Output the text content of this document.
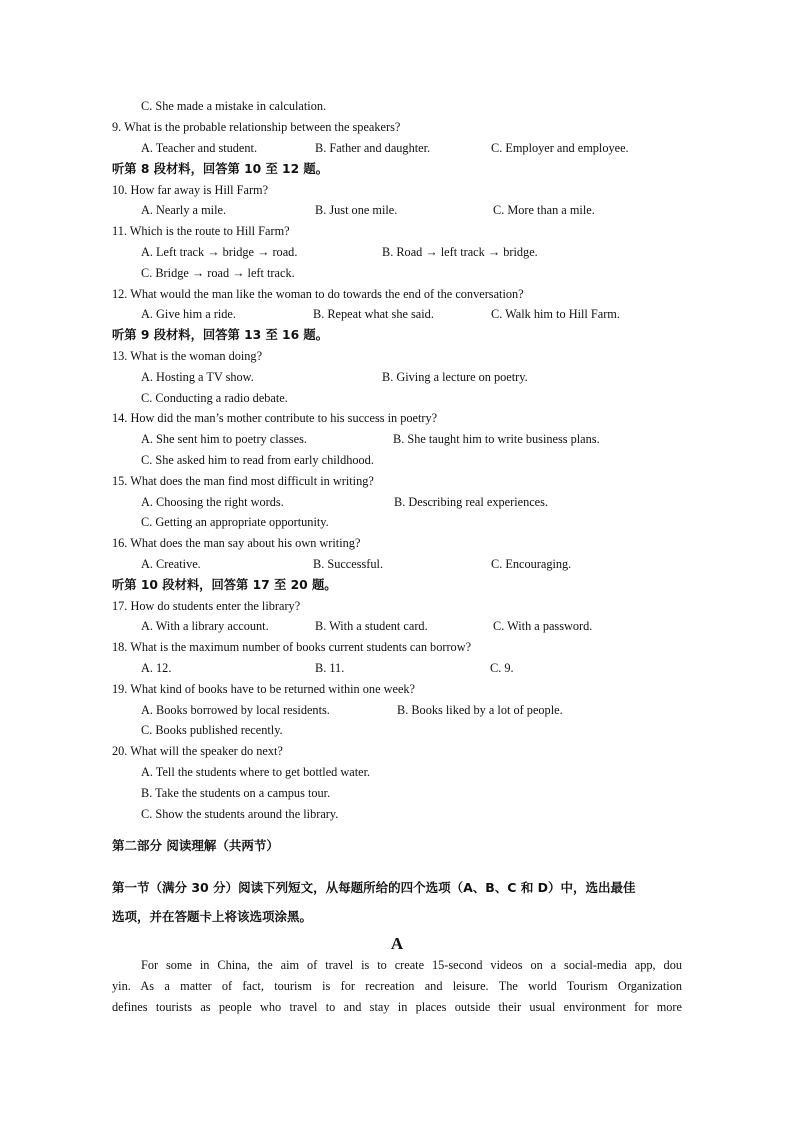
C. She made a mistake in calculation.
9. What is the probable relationship between the speakers?
A. Teacher and student.	B. Father and daughter.	C. Employer and employee.
听第 8 段材料，回答第 10 至 12 题。
10. How far away is Hill Farm?
A. Nearly a mile.	B. Just one mile.	C. More than a mile.
11. Which is the route to Hill Farm?
A. Left track → bridge → road.	B. Road → left track → bridge.
C. Bridge → road → left track.
12. What would the man like the woman to do towards the end of the conversation?
A. Give him a ride.	B. Repeat what she said.	C. Walk him to Hill Farm.
听第 9 段材料，回答第 13 至 16 题。
13. What is the woman doing?
A. Hosting a TV show.	B. Giving a lecture on poetry.
C. Conducting a radio debate.
14. How did the man’s mother contribute to his success in poetry?
A. She sent him to poetry classes.	B. She taught him to write business plans.
C. She asked him to read from early childhood.
15. What does the man find most difficult in writing?
A. Choosing the right words.	B. Describing real experiences.
C. Getting an appropriate opportunity.
16. What does the man say about his own writing?
A. Creative.	B. Successful.	C. Encouraging.
听第 10 段材料，回答第 17 至 20 题。
17. How do students enter the library?
A. With a library account.	B. With a student card.	C. With a password.
18. What is the maximum number of books current students can borrow?
A. 12.	B. 11.	C. 9.
19. What kind of books have to be returned within one week?
A. Books borrowed by local residents.	B. Books liked by a lot of people.
C. Books published recently.
20. What will the speaker do next?
A. Tell the students where to get bottled water.
B. Take the students on a campus tour.
C. Show the students around the library.
第二部分 阅读理解（共两节）
第一节（满分 30 分）阅读下列短文，从每题所给的四个选项（A、B、C 和 D）中，选出最佳
选项，并在答题卡上将该选项涂黑。
A
For some in China, the aim of travel is to create 15-second videos on a social-media app, dou
yin. As a matter of fact, tourism is for recreation and leisure. The world Tourism Organization
defines tourists as people who travel to and stay in places outside their usual environment for more
